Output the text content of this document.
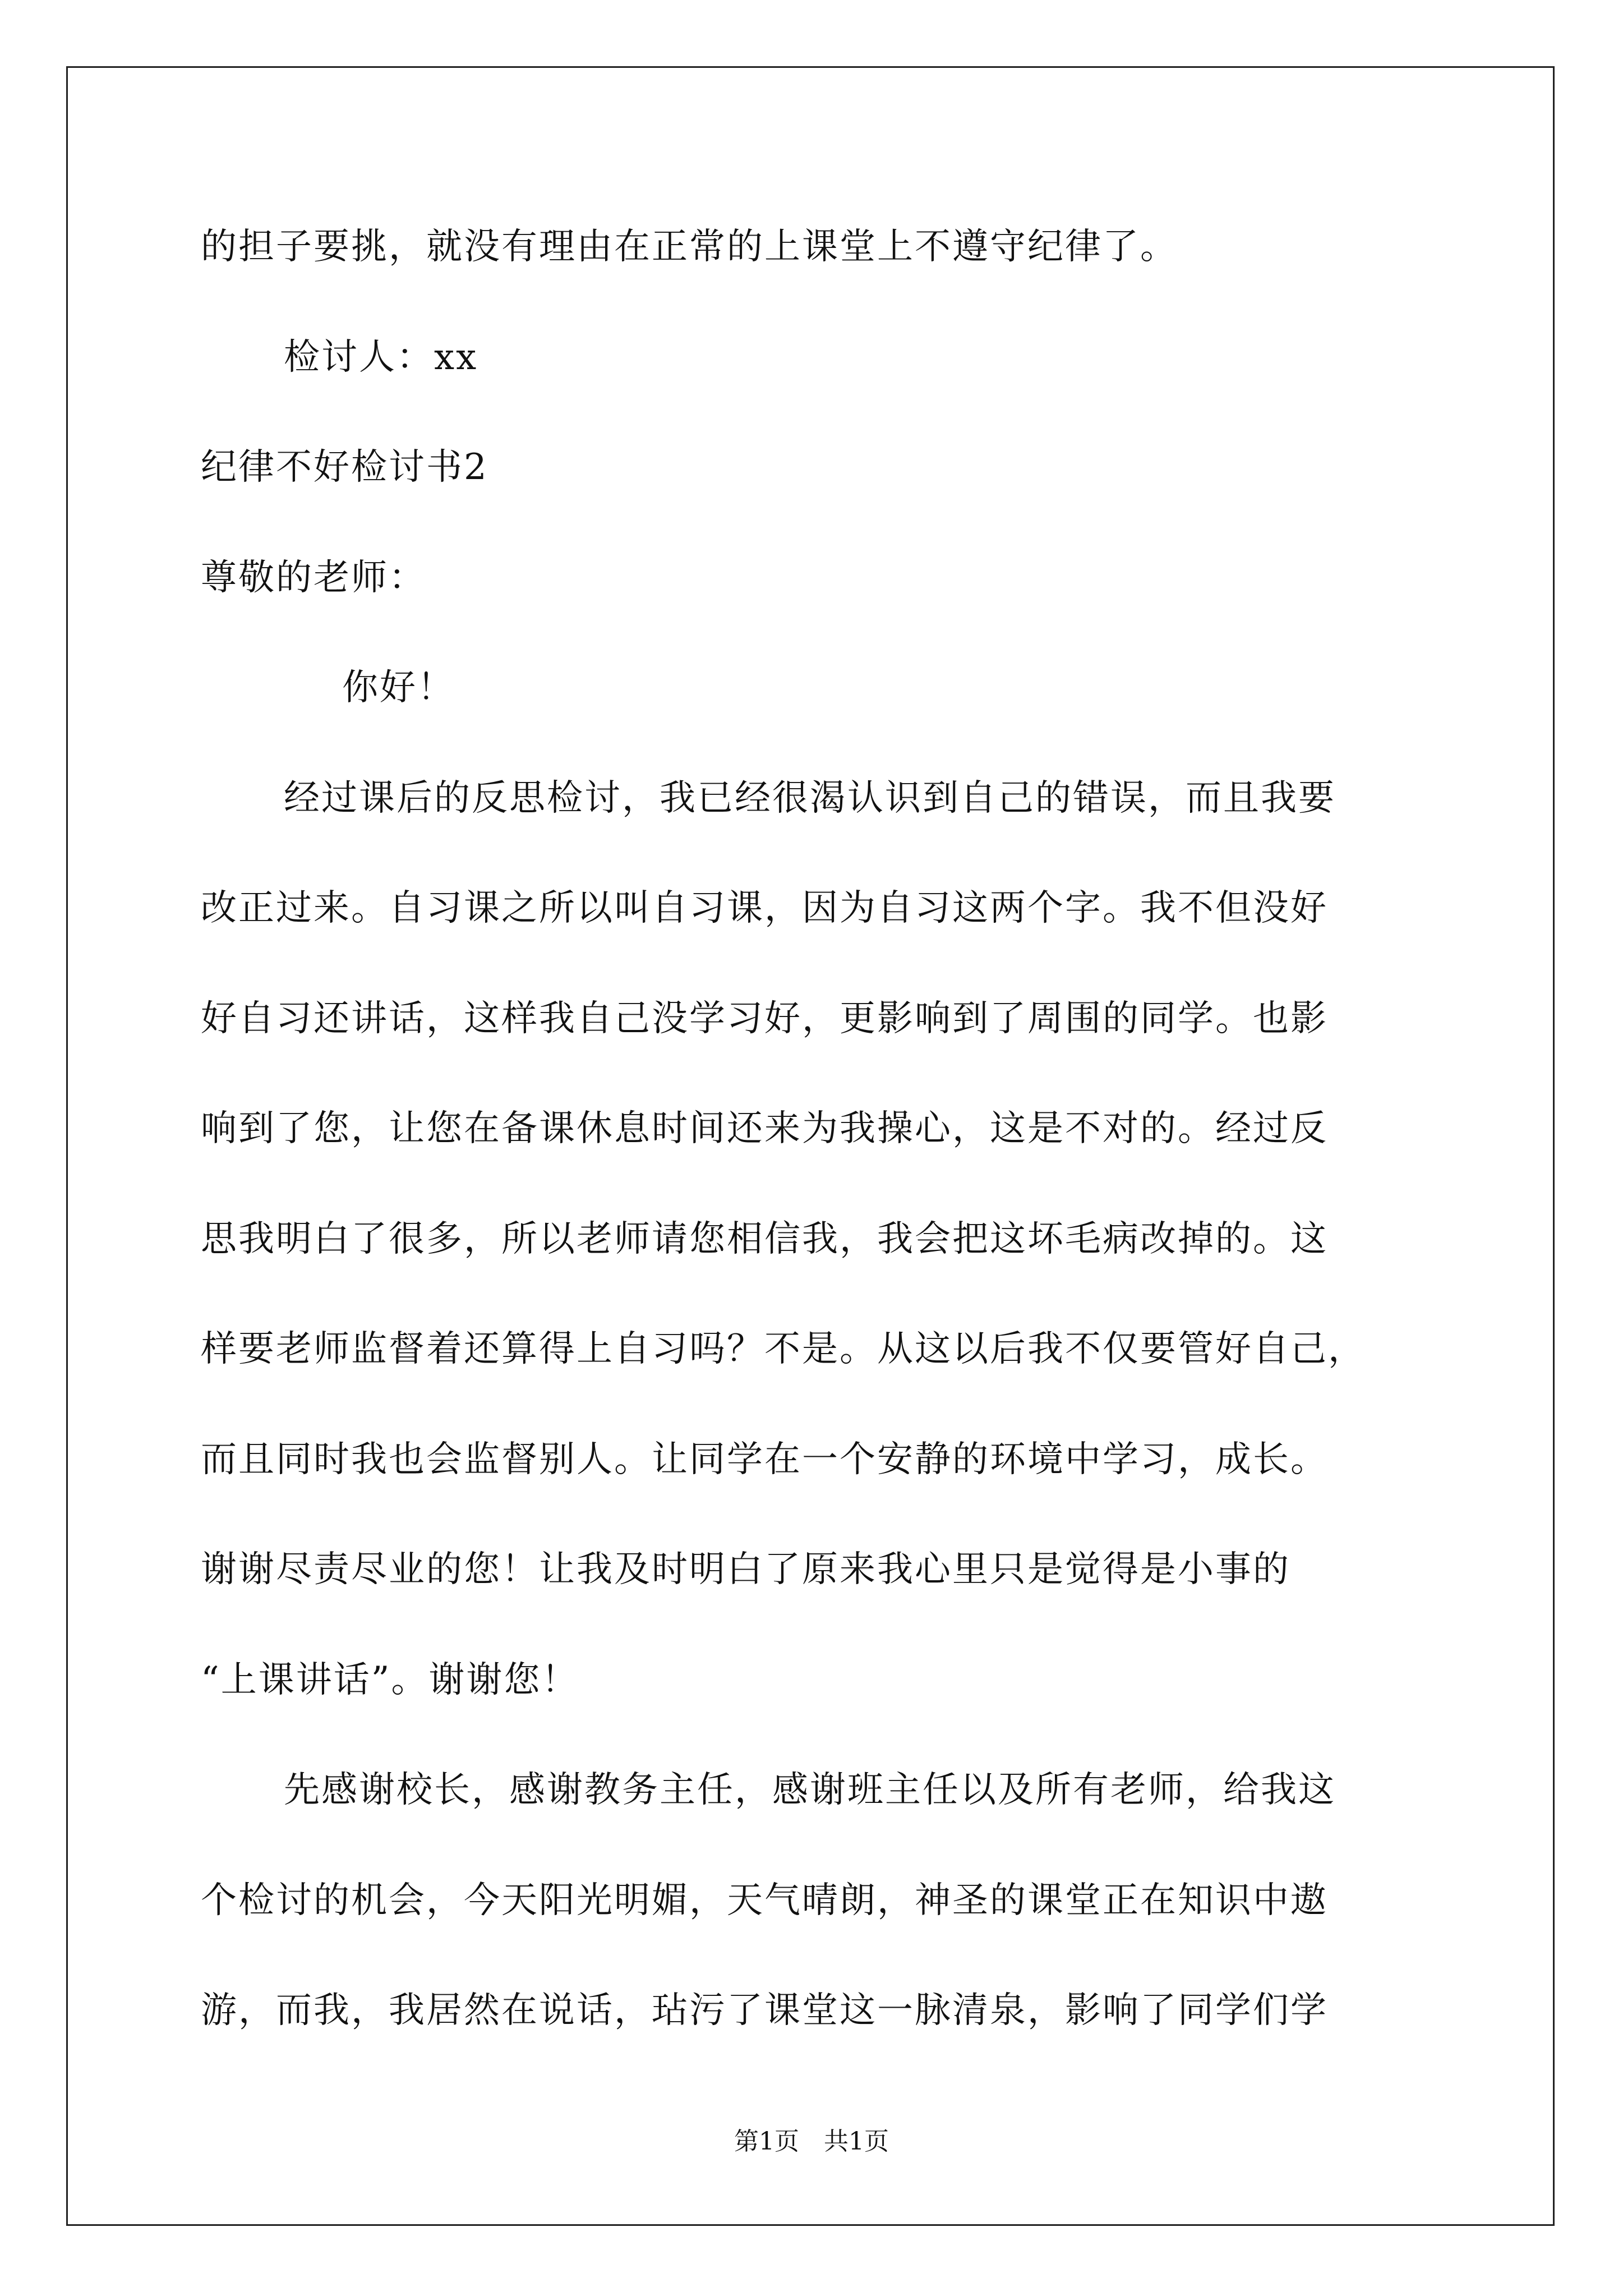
的担子要挑，就没有理由在正常的上课堂上不遵守纪律了。
检讨人：xx
纪律不好检讨书2
尊敬的老师：
你好！
经过课后的反思检讨，我已经很渴认识到自己的错误，而且我要
改正过来。自习课之所以叫自习课，因为自习这两个字。我不但没好
好自习还讲话，这样我自己没学习好，更影响到了周围的同学。也影
响到了您，让您在备课休息时间还来为我操心，这是不对的。经过反
思我明白了很多，所以老师请您相信我，我会把这坏毛病改掉的。这
样要老师监督着还算得上自习吗？不是。从这以后我不仅要管好自己，
而且同时我也会监督别人。让同学在一个安静的环境中学习，成长。
谢谢尽责尽业的您！让我及时明白了原来我心里只是觉得是小事的
“上课讲话”。谢谢您！
先感谢校长，感谢教务主任，感谢班主任以及所有老师，给我这
个检讨的机会，今天阳光明媚，天气晴朗，神圣的课堂正在知识中遨
游，而我，我居然在说话，玷污了课堂这一脉清泉，影响了同学们学
第1页 共1页
